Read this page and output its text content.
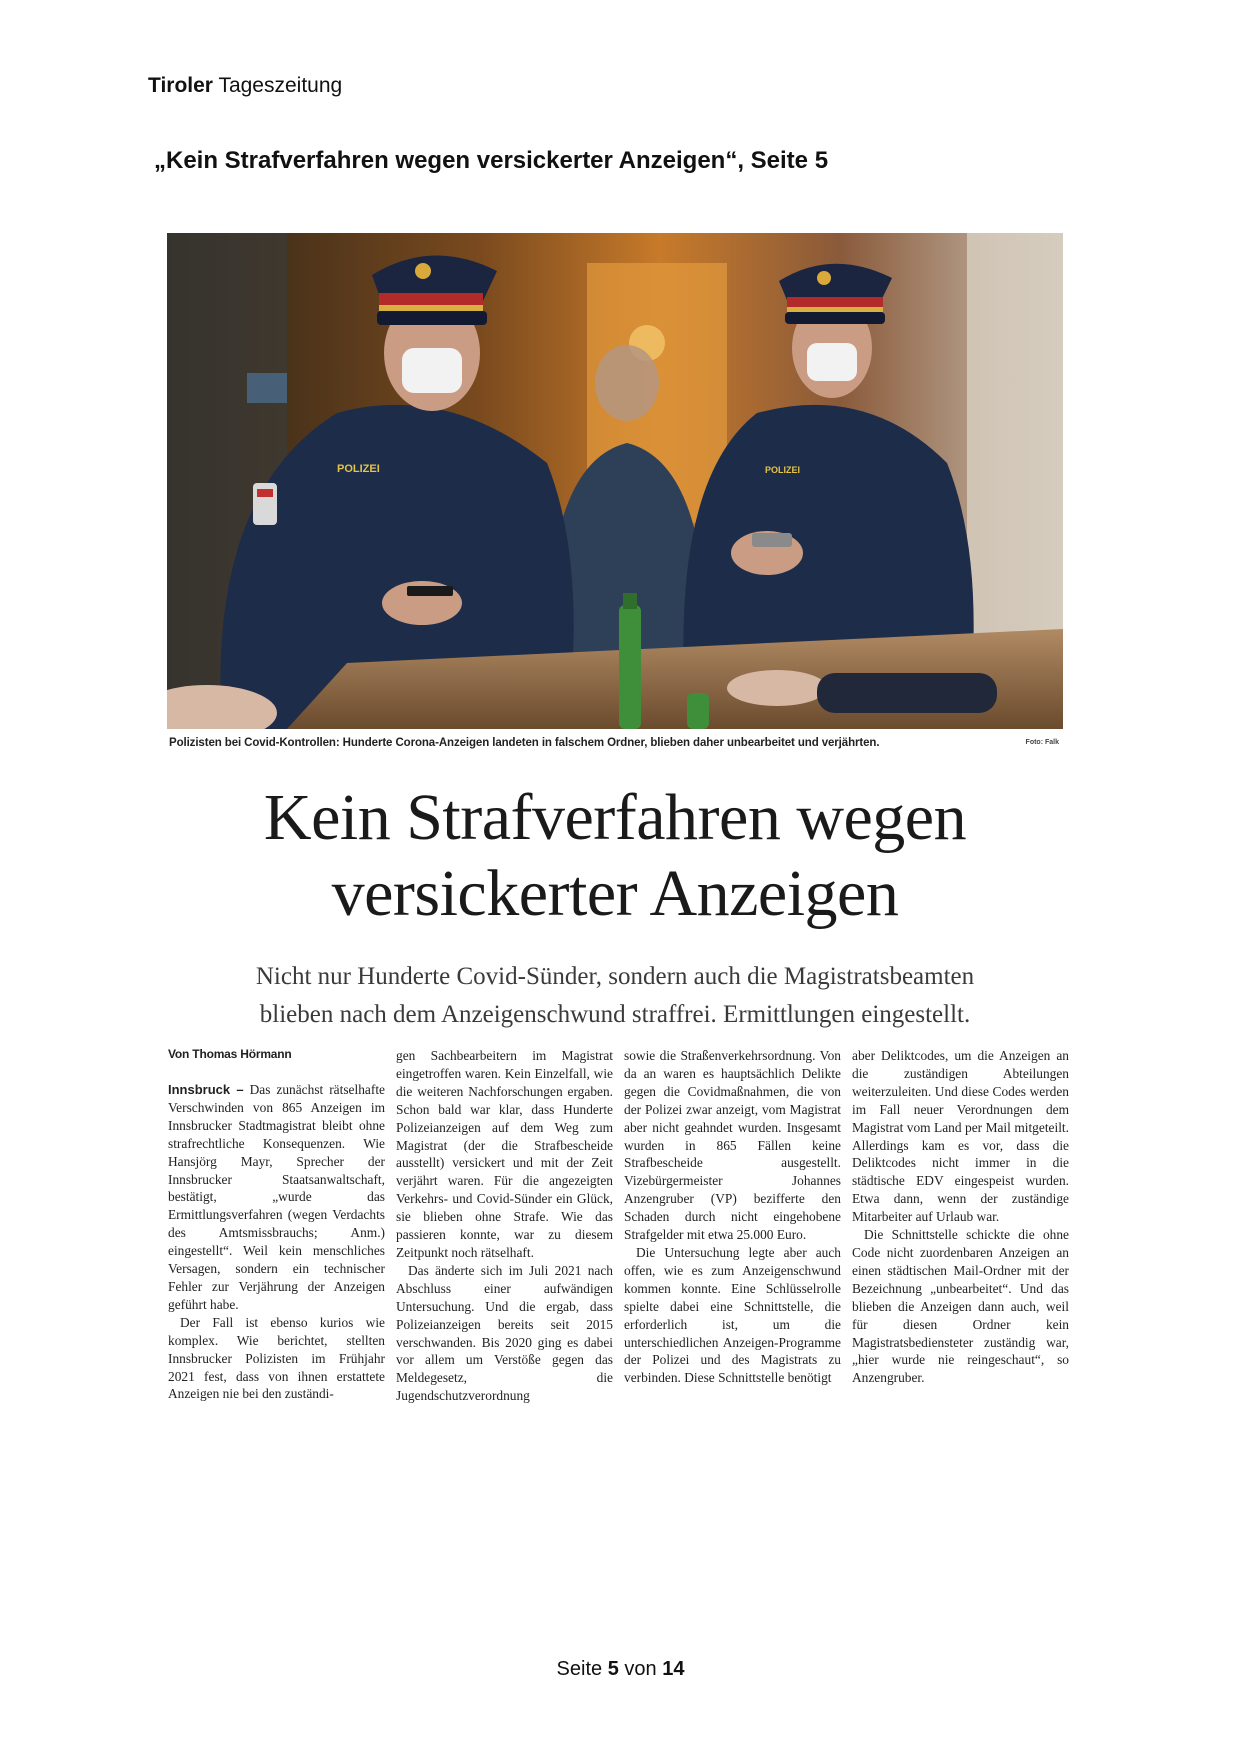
Tiroler Tageszeitung
„Kein Strafverfahren wegen versickerter Anzeigen“, Seite 5
POLIZEI	POLIZEI
Polizisten bei Covid-Kontrollen: Hunderte Corona-Anzeigen landeten in falschem Ordner, blieben daher unbearbeitet und verjährten.	Foto: Falk
Kein Strafverfahren wegen
versickerter Anzeigen
Nicht nur Hunderte Covid-Sünder, sondern auch die Magistratsbeamten
blieben nach dem Anzeigenschwund straffrei. Ermittlungen eingestellt.
Von Thomas Hörmann

Innsbruck – Das zunächst rätselhafte Verschwinden von 865 Anzeigen im Innsbrucker Stadtmagistrat bleibt ohne strafrechtliche Konsequenzen. Wie Hansjörg Mayr, Sprecher der Innsbrucker Staatsanwaltschaft, bestätigt, „wurde das Ermittlungsverfahren (wegen Verdachts des Amtsmissbrauchs; Anm.) eingestellt“. Weil kein menschliches Versagen, sondern ein technischer Fehler zur Verjährung der Anzeigen geführt habe.

Der Fall ist ebenso kurios wie komplex. Wie berichtet, stellten Innsbrucker Polizisten im Frühjahr 2021 fest, dass von ihnen erstattete Anzeigen nie bei den zuständi-

gen Sachbearbeitern im Magistrat eingetroffen waren. Kein Einzelfall, wie die weiteren Nachforschungen ergaben. Schon bald war klar, dass Hunderte Polizeianzeigen auf dem Weg zum Magistrat (der die Strafbescheide ausstellt) versickert und mit der Zeit verjährt waren. Für die angezeigten Verkehrs- und Covid-Sünder ein Glück, sie blieben ohne Strafe. Wie das passieren konnte, war zu diesem Zeitpunkt noch rätselhaft.

Das änderte sich im Juli 2021 nach Abschluss einer aufwändigen Untersuchung. Und die ergab, dass Polizeianzeigen bereits seit 2015 verschwanden. Bis 2020 ging es dabei vor allem um Verstöße gegen das Meldegesetz, die Jugendschutzverordnung

sowie die Straßenverkehrsordnung. Von da an waren es hauptsächlich Delikte gegen die Covidmaßnahmen, die von der Polizei zwar anzeigt, vom Magistrat aber nicht geahndet wurden. Insgesamt wurden in 865 Fällen keine Strafbescheide ausgestellt. Vizebürgermeister Johannes Anzengruber (VP) bezifferte den Schaden durch nicht eingehobene Strafgelder mit etwa 25.000 Euro.

Die Untersuchung legte aber auch offen, wie es zum Anzeigenschwund kommen konnte. Eine Schlüsselrolle spielte dabei eine Schnittstelle, die erforderlich ist, um die unterschiedlichen Anzeigen-Programme der Polizei und des Magistrats zu verbinden. Diese Schnittstelle benötigt

aber Deliktcodes, um die Anzeigen an die zuständigen Abteilungen weiterzuleiten. Und diese Codes werden im Fall neuer Verordnungen dem Magistrat vom Land per Mail mitgeteilt. Allerdings kam es vor, dass die Deliktcodes nicht immer in die städtische EDV eingespeist wurden. Etwa dann, wenn der zuständige Mitarbeiter auf Urlaub war.

Die Schnittstelle schickte die ohne Code nicht zuordenbaren Anzeigen an einen städtischen Mail-Ordner mit der Bezeichnung „unbearbeitet“. Und das blieben die Anzeigen dann auch, weil für diesen Ordner kein Magistratsbediensteter zuständig war, „hier wurde nie reingeschaut“, so Anzengruber.

Seite 5 von 14
